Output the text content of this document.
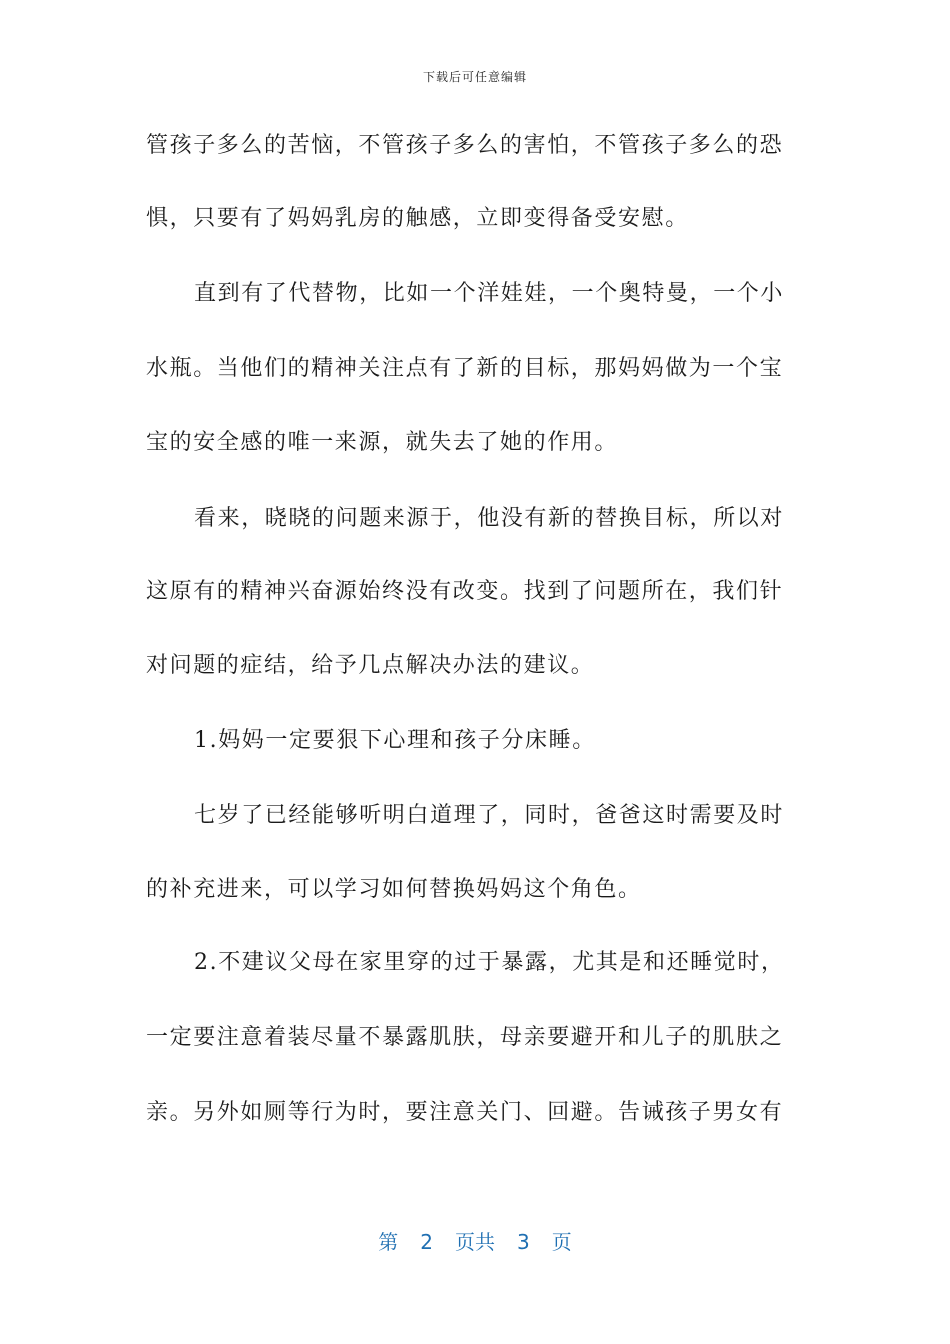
下载后可任意编辑
管孩子多么的苦恼，不管孩子多么的害怕，不管孩子多么的恐
惧，只要有了妈妈乳房的触感，立即变得备受安慰。
直到有了代替物，比如一个洋娃娃，一个奥特曼，一个小
水瓶。当他们的精神关注点有了新的目标，那妈妈做为一个宝
宝的安全感的唯一来源，就失去了她的作用。
看来，晓晓的问题来源于，他没有新的替换目标，所以对
这原有的精神兴奋源始终没有改变。找到了问题所在，我们针
对问题的症结，给予几点解决办法的建议。
1.妈妈一定要狠下心理和孩子分床睡。
七岁了已经能够听明白道理了，同时，爸爸这时需要及时
的补充进来，可以学习如何替换妈妈这个角色。
2.不建议父母在家里穿的过于暴露，尤其是和还睡觉时，
一定要注意着装尽量不暴露肌肤，母亲要避开和儿子的肌肤之
亲。另外如厕等行为时，要注意关门、回避。告诫孩子男女有
第 2 页共 3 页
